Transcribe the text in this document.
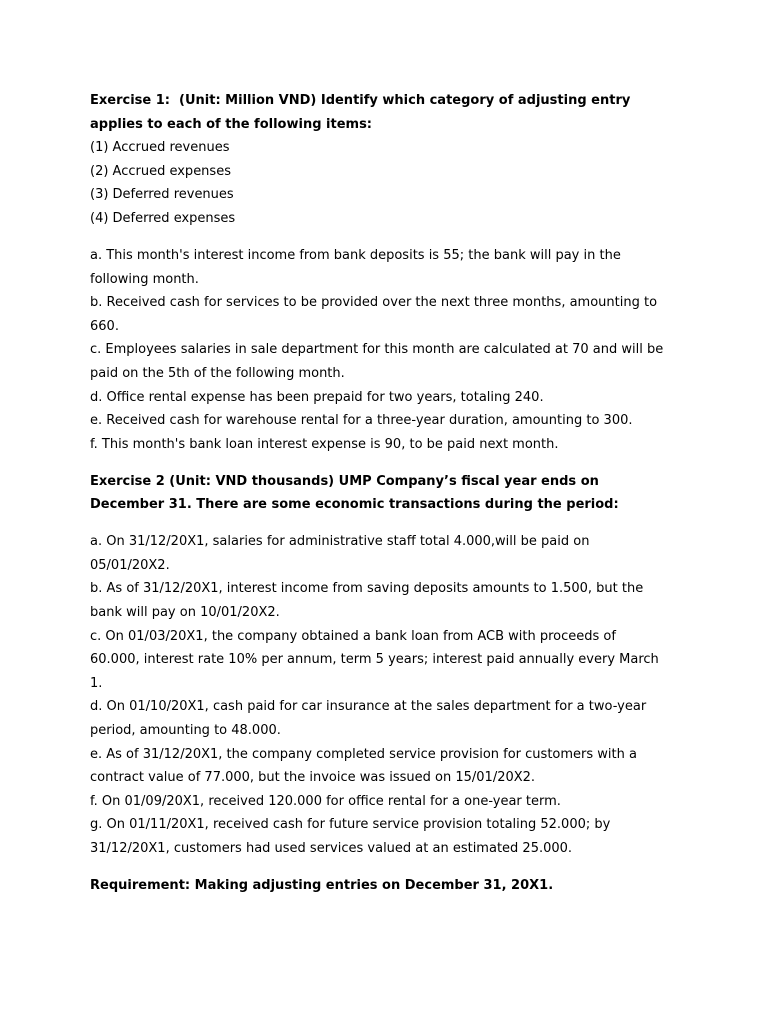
Exercise 1:  (Unit: Million VND) Identify which category of adjusting entry
applies to each of the following items:
(1) Accrued revenues
(2) Accrued expenses
(3) Deferred revenues
(4) Deferred expenses
a. This month's interest income from bank deposits is 55; the bank will pay in the
following month.
b. Received cash for services to be provided over the next three months, amounting to
660.
c. Employees salaries in sale department for this month are calculated at 70 and will be
paid on the 5th of the following month.
d. Office rental expense has been prepaid for two years, totaling 240.
e. Received cash for warehouse rental for a three-year duration, amounting to 300.
f. This month's bank loan interest expense is 90, to be paid next month.
Exercise 2 (Unit: VND thousands) UMP Company’s fiscal year ends on
December 31. There are some economic transactions during the period:
a. On 31/12/20X1, salaries for administrative staff total 4.000,will be paid on
05/01/20X2.
b. As of 31/12/20X1, interest income from saving deposits amounts to 1.500, but the
bank will pay on 10/01/20X2.
c. On 01/03/20X1, the company obtained a bank loan from ACB with proceeds of
60.000, interest rate 10% per annum, term 5 years; interest paid annually every March
1.
d. On 01/10/20X1, cash paid for car insurance at the sales department for a two-year
period, amounting to 48.000.
e. As of 31/12/20X1, the company completed service provision for customers with a
contract value of 77.000, but the invoice was issued on 15/01/20X2.
f. On 01/09/20X1, received 120.000 for office rental for a one-year term.
g. On 01/11/20X1, received cash for future service provision totaling 52.000; by
31/12/20X1, customers had used services valued at an estimated 25.000.
Requirement: Making adjusting entries on December 31, 20X1.
